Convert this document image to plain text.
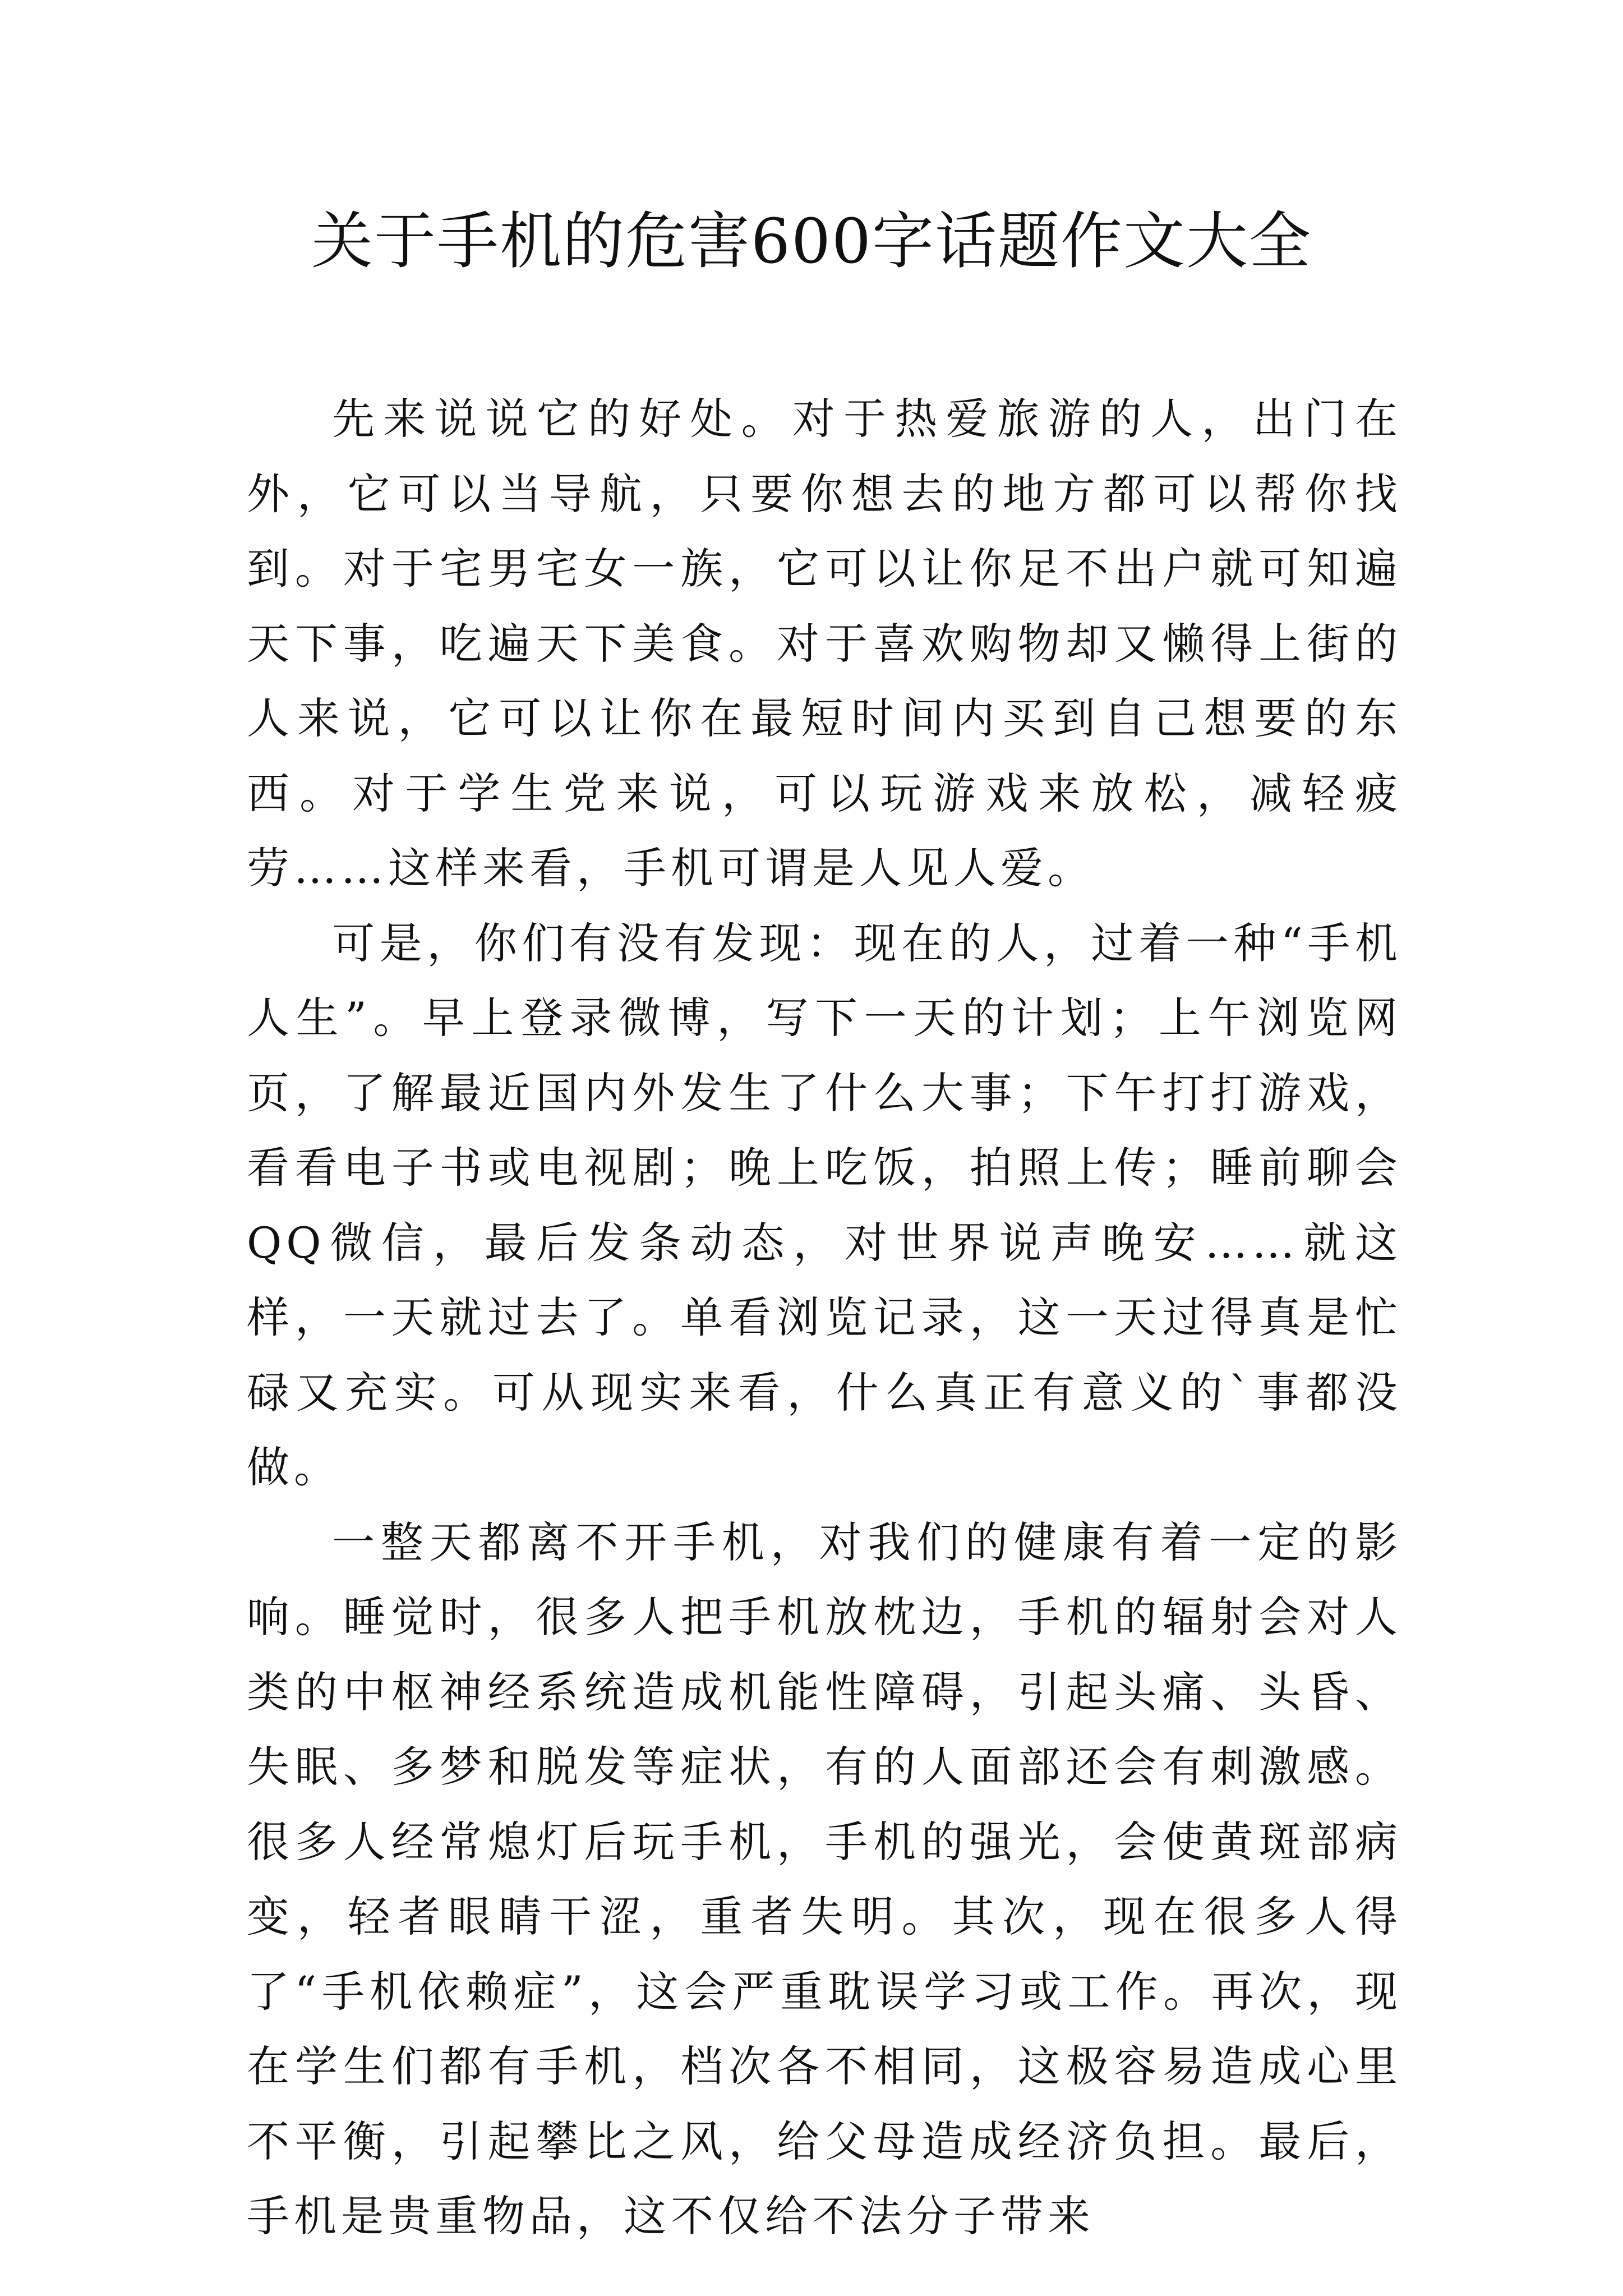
关于手机的危害600字话题作文大全

先来说说它的好处。对于热爱旅游的人，出门在外，它可以当导航，只要你想去的地方都可以帮你找到。对于宅男宅女一族，它可以让你足不出户就可知遍天下事，吃遍天下美食。对于喜欢购物却又懒得上街的人来说，它可以让你在最短时间内买到自己想要的东西。对于学生党来说，可以玩游戏来放松，减轻疲劳……这样来看，手机可谓是人见人爱。

可是，你们有没有发现：现在的人，过着一种“手机人生”。早上登录微博，写下一天的计划；上午浏览网页，了解最近国内外发生了什么大事；下午打打游戏，看看电子书或电视剧；晚上吃饭，拍照上传；睡前聊会QQ微信，最后发条动态，对世界说声晚安……就这样，一天就过去了。单看浏览记录，这一天过得真是忙碌又充实。可从现实来看，什么真正有意义的`事都没做。

一整天都离不开手机，对我们的健康有着一定的影响。睡觉时，很多人把手机放枕边，手机的辐射会对人类的中枢神经系统造成机能性障碍，引起头痛、头昏、失眠、多梦和脱发等症状，有的人面部还会有刺激感。很多人经常熄灯后玩手机，手机的强光，会使黄斑部病变，轻者眼睛干涩，重者失明。其次，现在很多人得了“手机依赖症”，这会严重耽误学习或工作。再次，现在学生们都有手机，档次各不相同，这极容易造成心里不平衡，引起攀比之风，给父母造成经济负担。最后，手机是贵重物品，这不仅给不法分子带来
